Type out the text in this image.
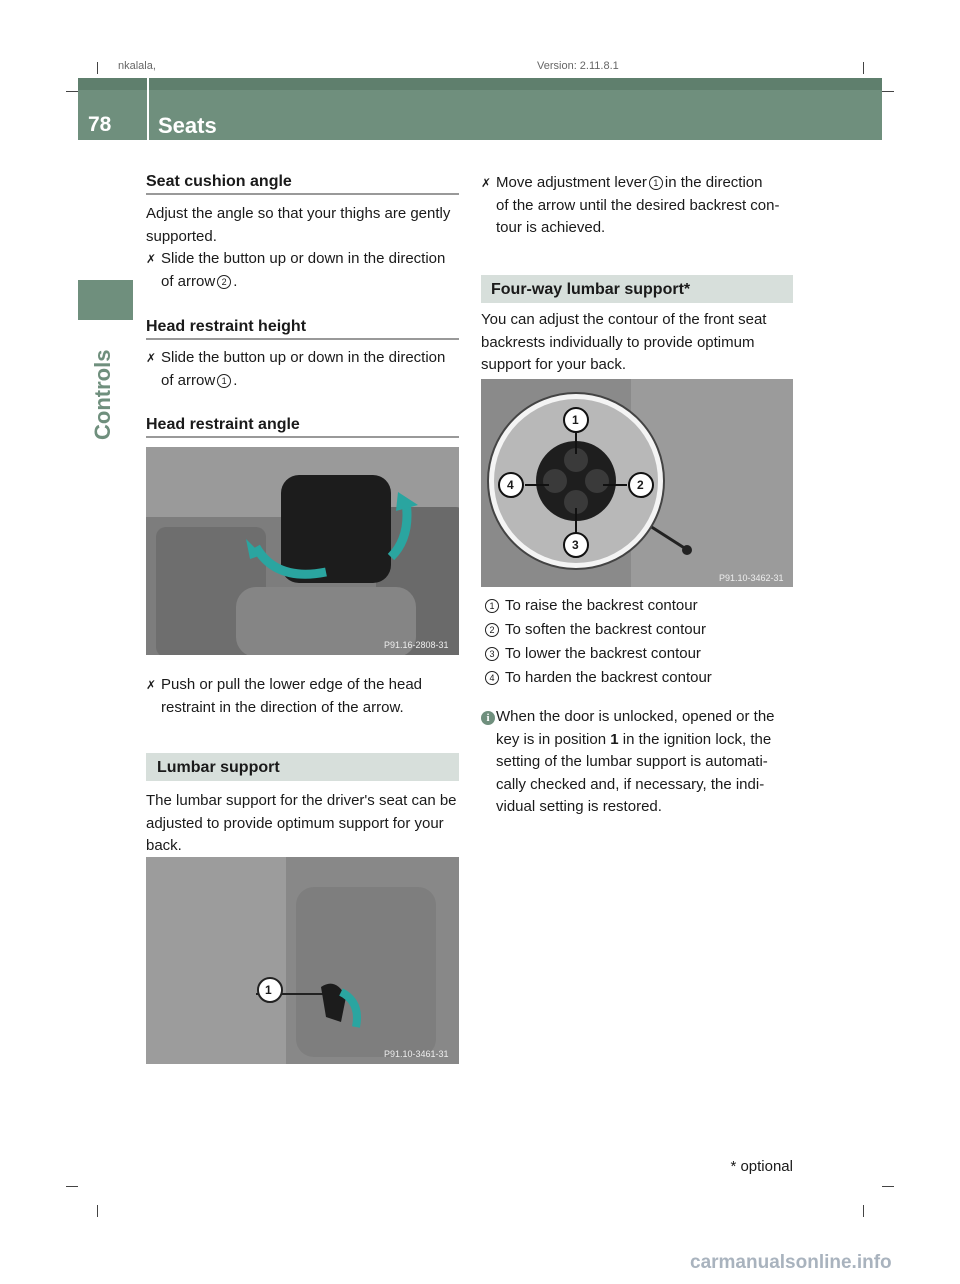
nkalala,	Version: 2.11.8.1
78 Seats
Controls
Seat cushion angle
Adjust the angle so that your thighs are gently supported.
✗ Slide the button up or down in the direction
of arrow 2 .
Head restraint height
✗ Slide the button up or down in the direction
of arrow 1 .
Head restraint angle
P91.16-2808-31
✗ Push or pull the lower edge of the head restraint in the direction of the arrow.
Lumbar support
The lumbar support for the driver's seat can be adjusted to provide optimum support for your back.
1
P91.10-3461-31
✗ Move adjustment lever 1 in the direction
of the arrow until the desired backrest con-
tour is achieved.
Four-way lumbar support*
You can adjust the contour of the front seat backrests individually to provide optimum support for your back.
1
2
3
4
P91.10-3462-31
1 To raise the backrest contour
2 To soften the backrest contour
3 To lower the backrest contour
4 To harden the backrest contour
i When the door is unlocked, opened or the
key is in position 1 in the ignition lock, the
setting of the lumbar support is automati-
cally checked and, if necessary, the indi-
vidual setting is restored.
* optional
carmanualsonline.info
